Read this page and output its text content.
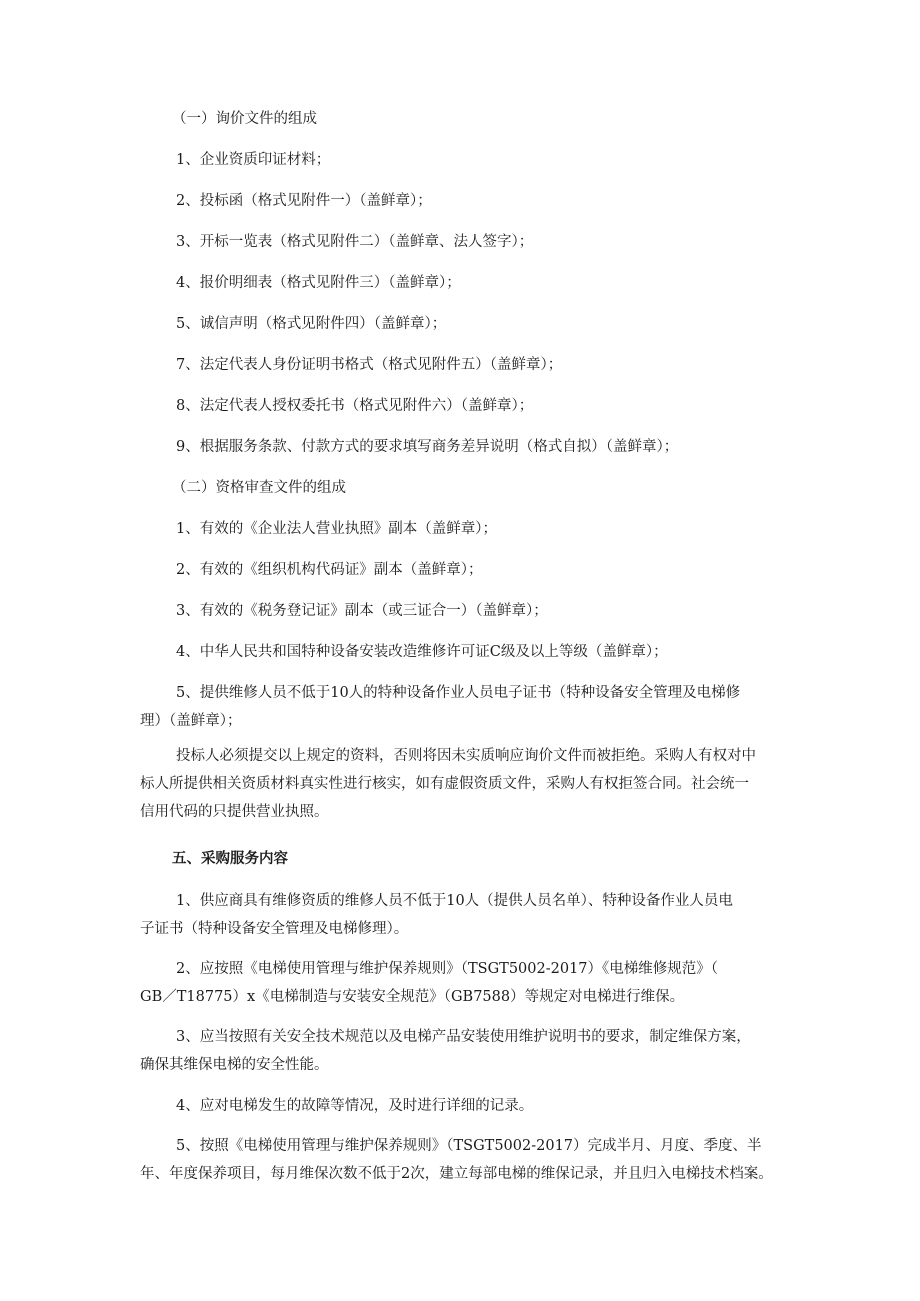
（一）询价文件的组成
1、企业资质印证材料；
2、投标函（格式见附件一）（盖鲜章）；
3、开标一览表（格式见附件二）（盖鲜章、法人签字）；
4、报价明细表（格式见附件三）（盖鲜章）；
5、诚信声明（格式见附件四）（盖鲜章）；
7、法定代表人身份证明书格式（格式见附件五）（盖鲜章）；
8、法定代表人授权委托书（格式见附件六）（盖鲜章）；
9、根据服务条款、付款方式的要求填写商务差异说明（格式自拟）（盖鲜章）；
（二）资格审查文件的组成
1、有效的《企业法人营业执照》副本（盖鲜章）；
2、有效的《组织机构代码证》副本（盖鲜章）；
3、有效的《税务登记证》副本（或三证合一）（盖鲜章）；
4、中华人民共和国特种设备安装改造维修许可证C级及以上等级（盖鲜章）；
5、提供维修人员不低于10人的特种设备作业人员电子证书（特种设备安全管理及电梯修
理）（盖鲜章）；
投标人必须提交以上规定的资料，否则将因未实质响应询价文件而被拒绝。采购人有权对中
标人所提供相关资质材料真实性进行核实，如有虚假资质文件，采购人有权拒签合同。社会统一
信用代码的只提供营业执照。
五、采购服务内容
1、供应商具有维修资质的维修人员不低于10人（提供人员名单）、特种设备作业人员电
子证书（特种设备安全管理及电梯修理）。
2、应按照《电梯使用管理与维护保养规则》（TSGT5002-2017）《电梯维修规范》（
GB／T18775）x《电梯制造与安装安全规范》（GB7588）等规定对电梯进行维保。
3、应当按照有关安全技术规范以及电梯产品安装使用维护说明书的要求，制定维保方案，
确保其维保电梯的安全性能。
4、应对电梯发生的故障等情况，及时进行详细的记录。
5、按照《电梯使用管理与维护保养规则》（TSGT5002-2017）完成半月、月度、季度、半
年、年度保养项目，每月维保次数不低于2次，建立每部电梯的维保记录，并且归入电梯技术档案。
